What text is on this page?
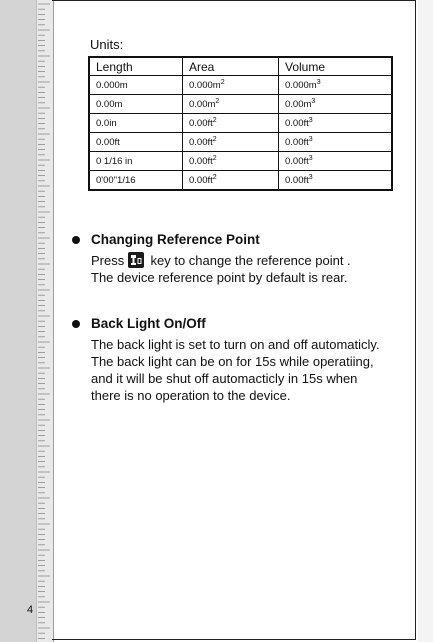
Units:
Length	Area	Volume
0.000m	$0.000m^2$	$0.000m^3$
0.00m	$0.00m^2$	$0.00m^3$
0.0in	$0.00ft^2$	$0.00ft^3$
0.00ft	$0.00ft^2$	$0.00ft^3$
0 1/16 in	$0.00ft^2$	$0.00ft^3$
0'00"1/16	$0.00ft^2$	$0.00ft^3$
Changing Reference Point
Press key to change the reference point .
The device reference point by default is rear.
Back Light On/Off
The back light is set to turn on and off automaticly.
The back light can be on for 15s while operatiing,
and it will be shut off automacticly in 15s when
there is no operation to the device.
4
